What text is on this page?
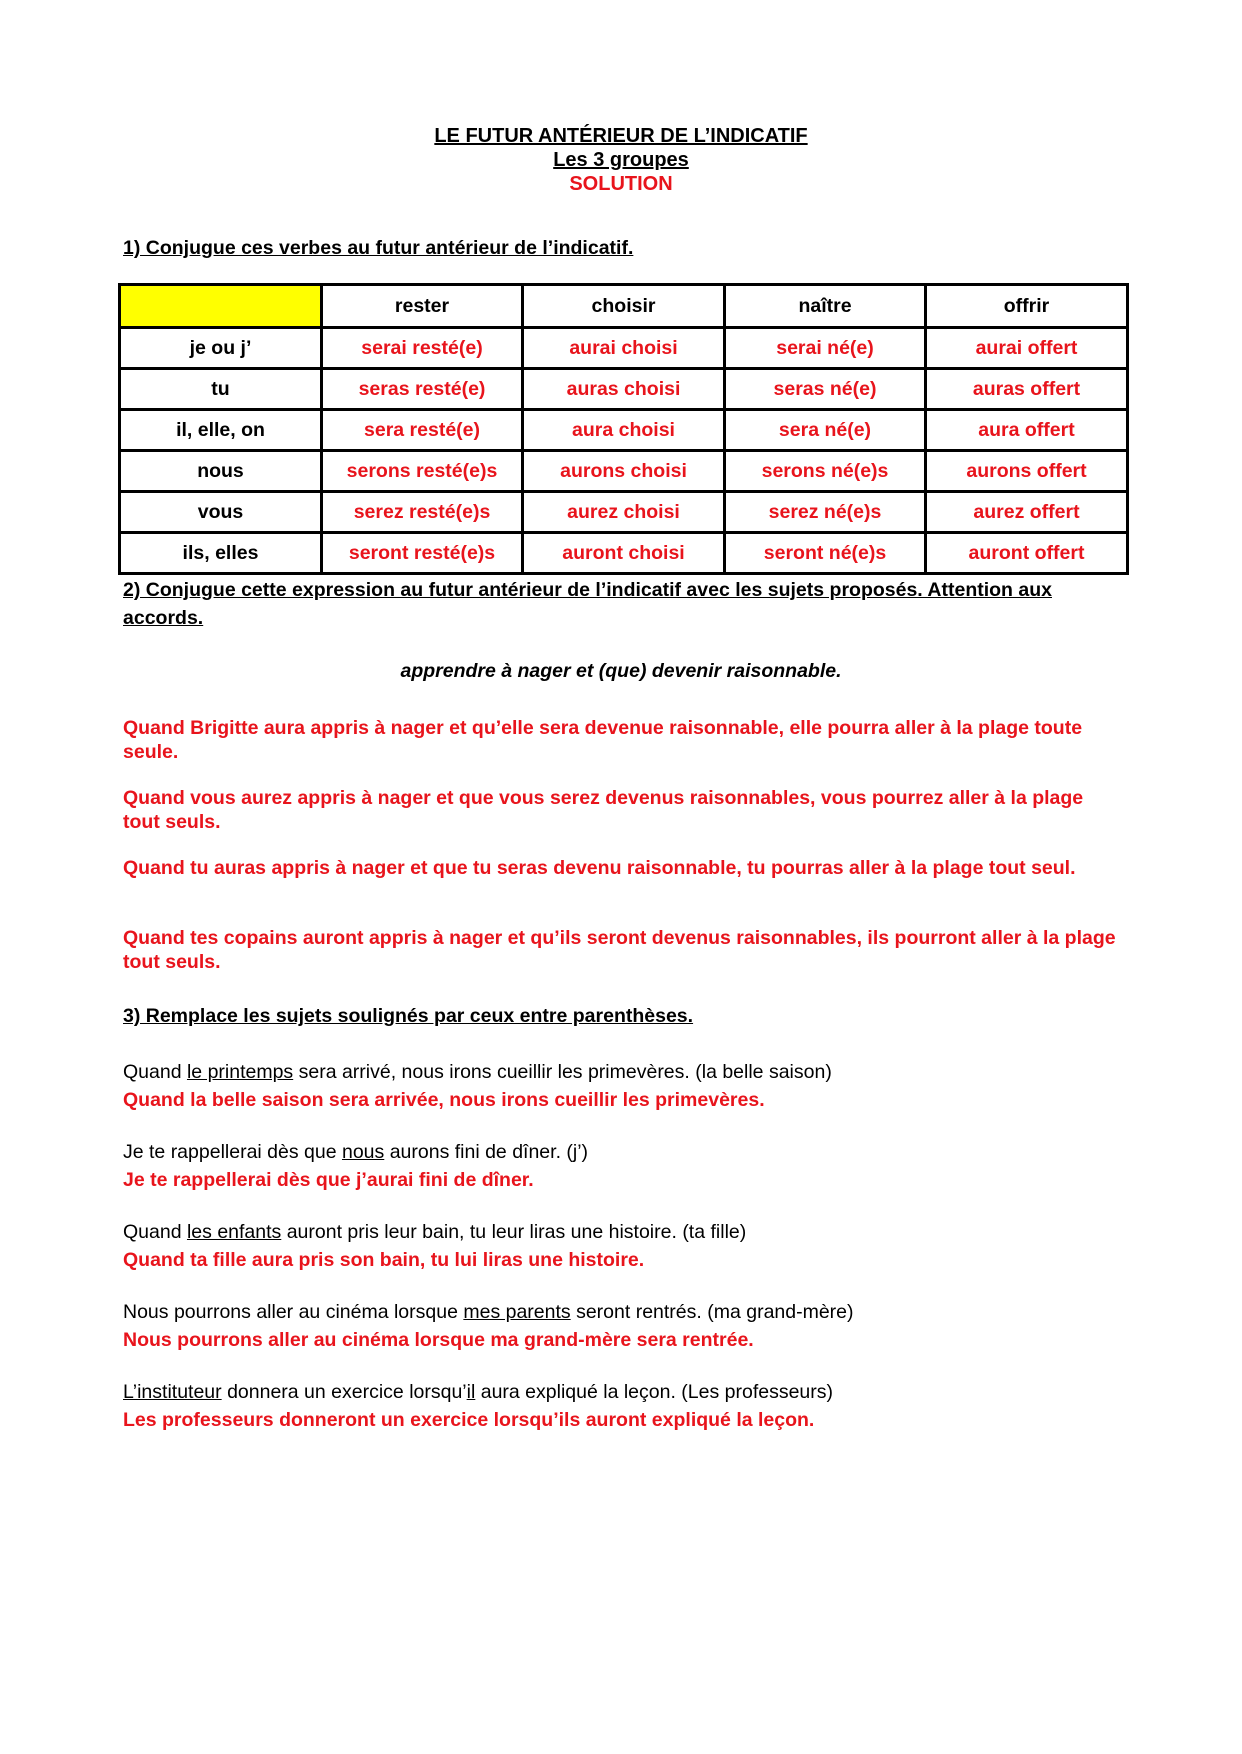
LE FUTUR ANTÉRIEUR DE L’INDICATIF
Les 3 groupes
SOLUTION
1) Conjugue ces verbes au futur antérieur de l’indicatif.
	rester	choisir	naître	offrir
je ou j’	serai resté(e)	aurai choisi	serai né(e)	aurai offert
tu	seras resté(e)	auras choisi	seras né(e)	auras offert
il, elle, on	sera resté(e)	aura choisi	sera né(e)	aura offert
nous	serons resté(e)s	aurons choisi	serons né(e)s	aurons offert
vous	serez resté(e)s	aurez choisi	serez né(e)s	aurez offert
ils, elles	seront resté(e)s	auront choisi	seront né(e)s	auront offert
2) Conjugue cette expression au futur antérieur de l’indicatif avec les sujets proposés. Attention aux accords.
apprendre à nager et (que) devenir raisonnable.
Quand Brigitte aura appris à nager et qu’elle sera devenue raisonnable, elle pourra aller à la plage toute seule.
Quand vous aurez appris à nager et que vous serez devenus raisonnables, vous pourrez aller à la plage tout seuls.
Quand tu auras appris à nager et que tu seras devenu raisonnable, tu pourras aller à la plage tout seul.
Quand tes copains auront appris à nager et qu’ils seront devenus raisonnables, ils pourront aller à la plage tout seuls.
3) Remplace les sujets soulignés par ceux entre parenthèses.
Quand le printemps sera arrivé, nous irons cueillir les primevères. (la belle saison)
Quand la belle saison sera arrivée, nous irons cueillir les primevères.
Je te rappellerai dès que nous aurons fini de dîner. (j’)
Je te rappellerai dès que j’aurai fini de dîner.
Quand les enfants auront pris leur bain, tu leur liras une histoire. (ta fille)
Quand ta fille aura pris son bain, tu lui liras une histoire.
Nous pourrons aller au cinéma lorsque mes parents seront rentrés. (ma grand-mère)
Nous pourrons aller au cinéma lorsque ma grand-mère sera rentrée.
L’instituteur donnera un exercice lorsqu’il aura expliqué la leçon. (Les professeurs)
Les professeurs donneront un exercice lorsqu’ils auront expliqué la leçon.
